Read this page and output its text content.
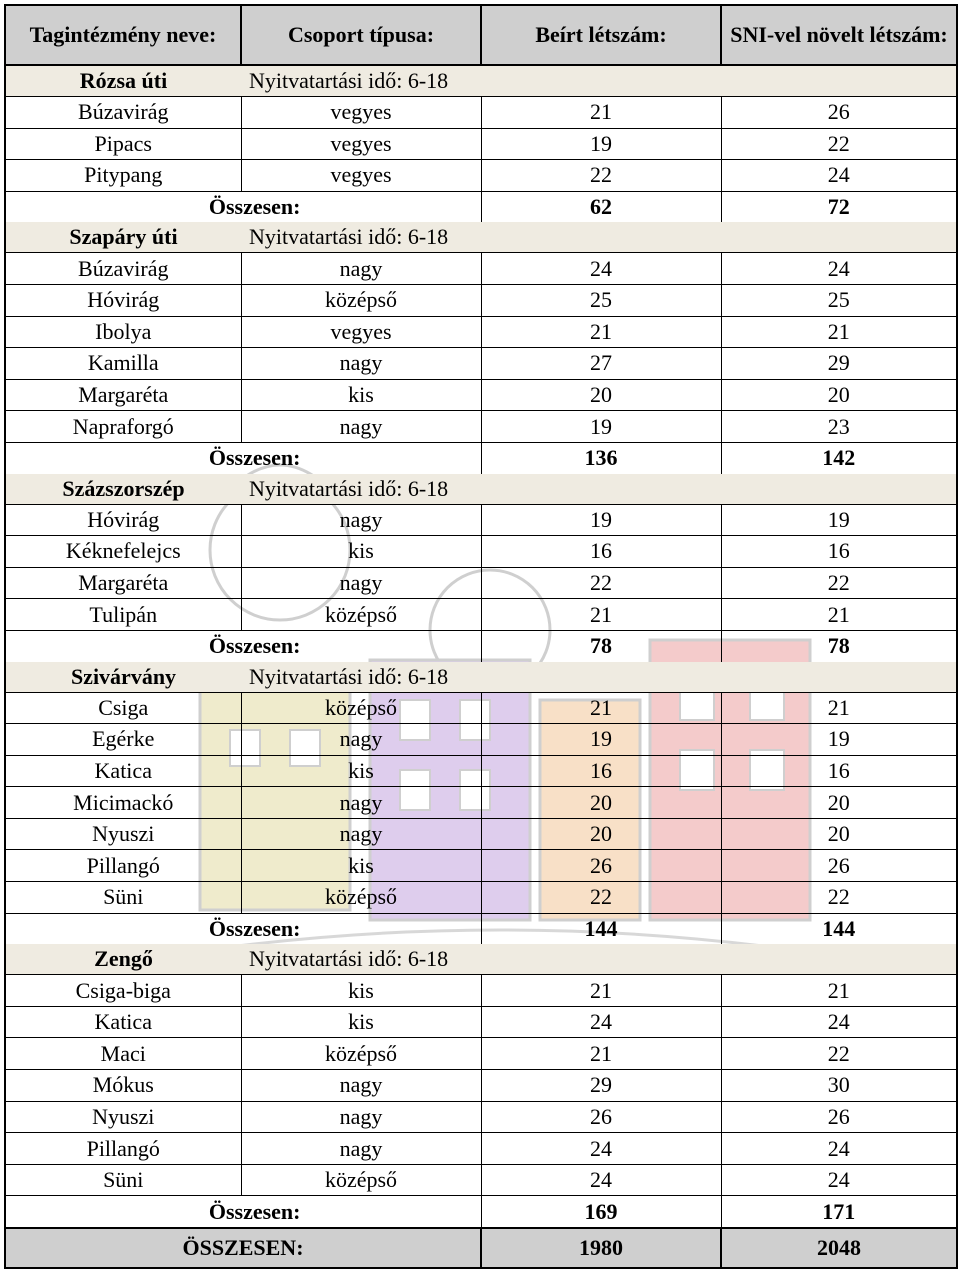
Tagintézmény neve:	Csoport típusa:	Beírt létszám:	SNI-vel növelt létszám:
Rózsa úti	Nyitvatartási idő: 6-18		
Búzavirág	vegyes	21	26
Pipacs	vegyes	19	22
Pitypang	vegyes	22	24
Összesen:		62	72
Szapáry úti	Nyitvatartási idő: 6-18		
Búzavirág	nagy	24	24
Hóvirág	középső	25	25
Ibolya	vegyes	21	21
Kamilla	nagy	27	29
Margaréta	kis	20	20
Napraforgó	nagy	19	23
Összesen:		136	142
Százszorszép	Nyitvatartási idő: 6-18		
Hóvirág	nagy	19	19
Kéknefelejcs	kis	16	16
Margaréta	nagy	22	22
Tulipán	középső	21	21
Összesen:		78	78
Szivárvány	Nyitvatartási idő: 6-18		
Csiga	középső	21	21
Egérke	nagy	19	19
Katica	kis	16	16
Micimackó	nagy	20	20
Nyuszi	nagy	20	20
Pillangó	kis	26	26
Süni	középső	22	22
Összesen:		144	144
Zengő	Nyitvatartási idő: 6-18		
Csiga-biga	kis	21	21
Katica	kis	24	24
Maci	középső	21	22
Mókus	nagy	29	30
Nyuszi	nagy	26	26
Pillangó	nagy	24	24
Süni	középső	24	24
Összesen:		169	171
ÖSSZESEN:		1980	2048
